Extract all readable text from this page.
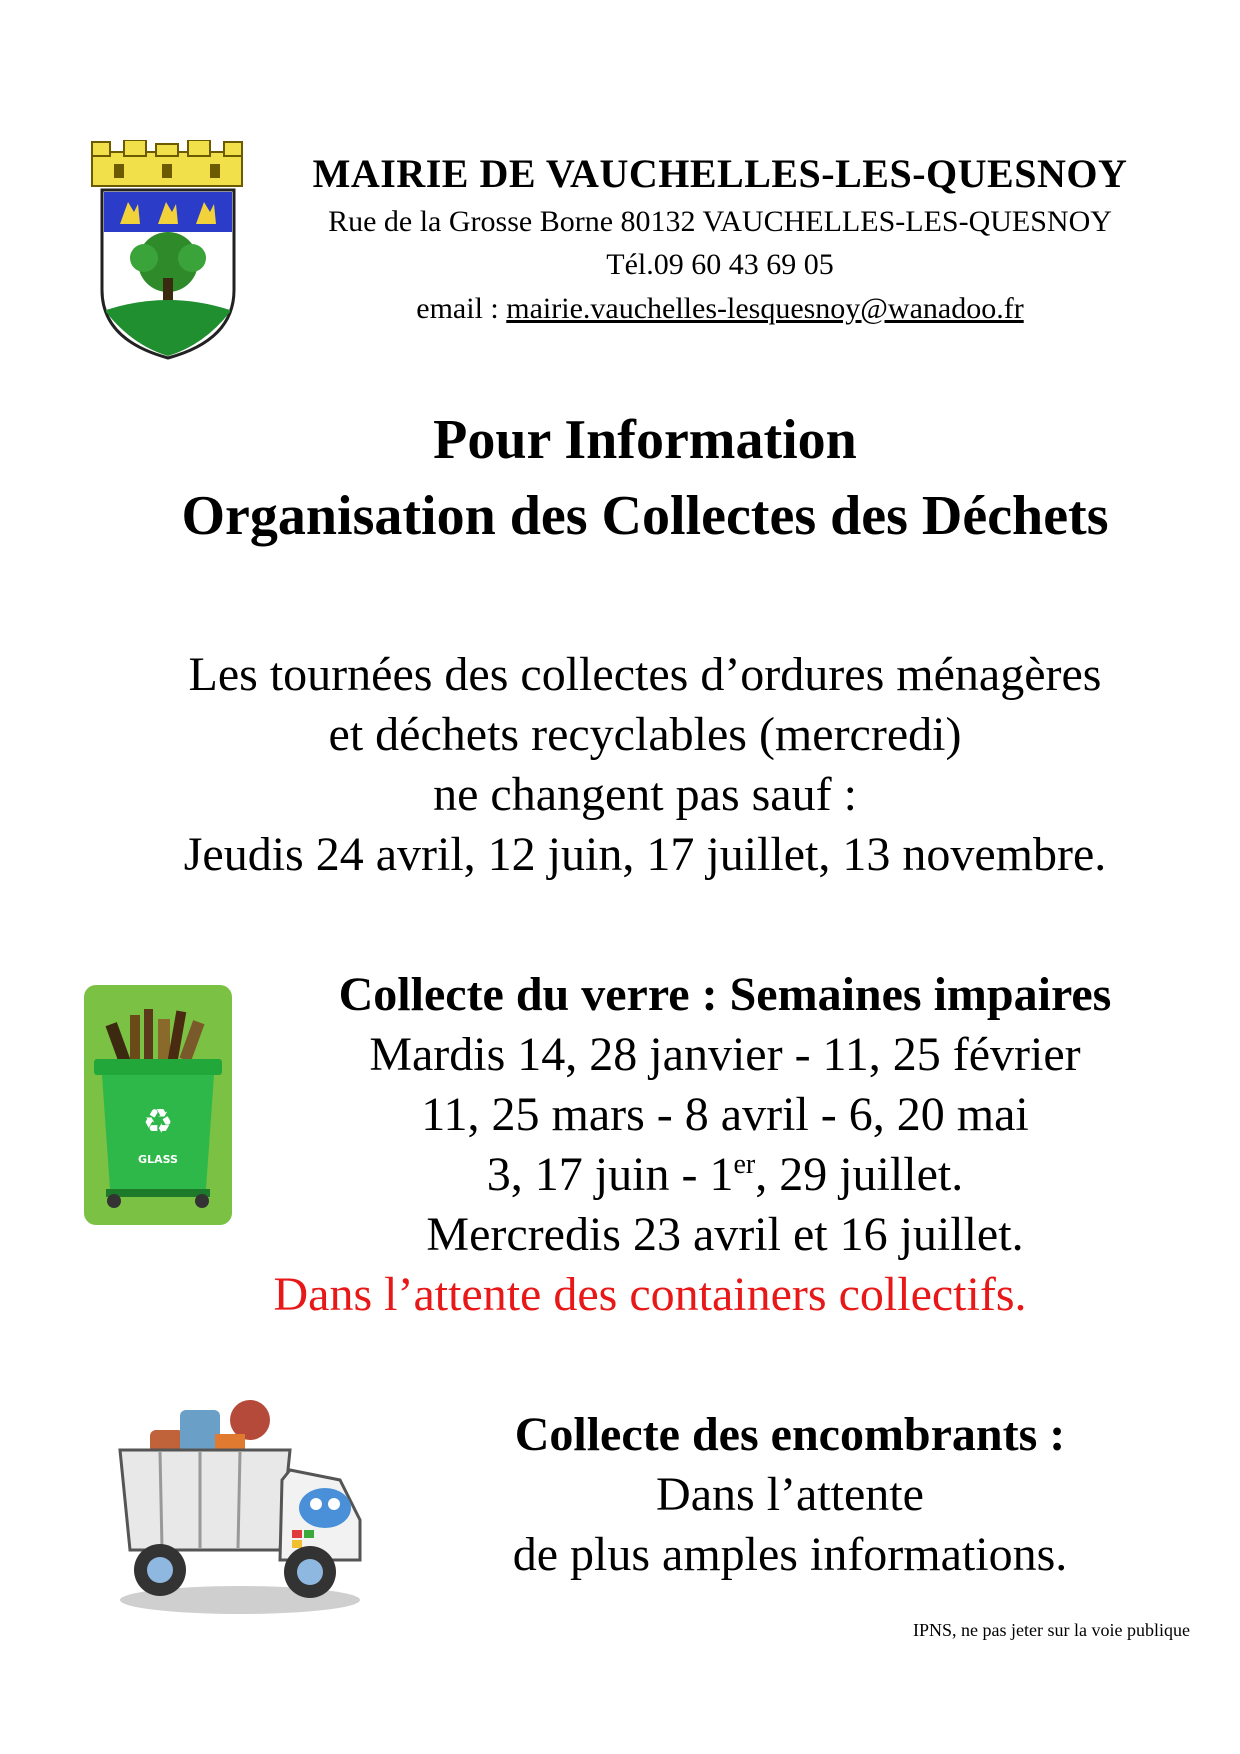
MAIRIE DE VAUCHELLES-LES-QUESNOY
Rue de la Grosse Borne 80132 VAUCHELLES-LES-QUESNOY
Tél.09 60 43 69 05
email : mairie.vauchelles-lesquesnoy@wanadoo.fr
Pour Information
Organisation des Collectes des Déchets
Les tournées des collectes d’ordures ménagères
et déchets recyclables (mercredi)
ne changent pas sauf :
Jeudis 24 avril, 12 juin, 17 juillet, 13 novembre.
♻
GLASS
Collecte du verre : Semaines impaires
Mardis 14, 28 janvier - 11, 25 février
11, 25 mars - 8 avril - 6, 20 mai
3, 17 juin - 1er, 29 juillet.
Mercredis 23 avril et 16 juillet.
Dans l’attente des containers collectifs.
Collecte des encombrants :
Dans l’attente
de plus amples informations.
IPNS, ne pas jeter sur la voie publique
